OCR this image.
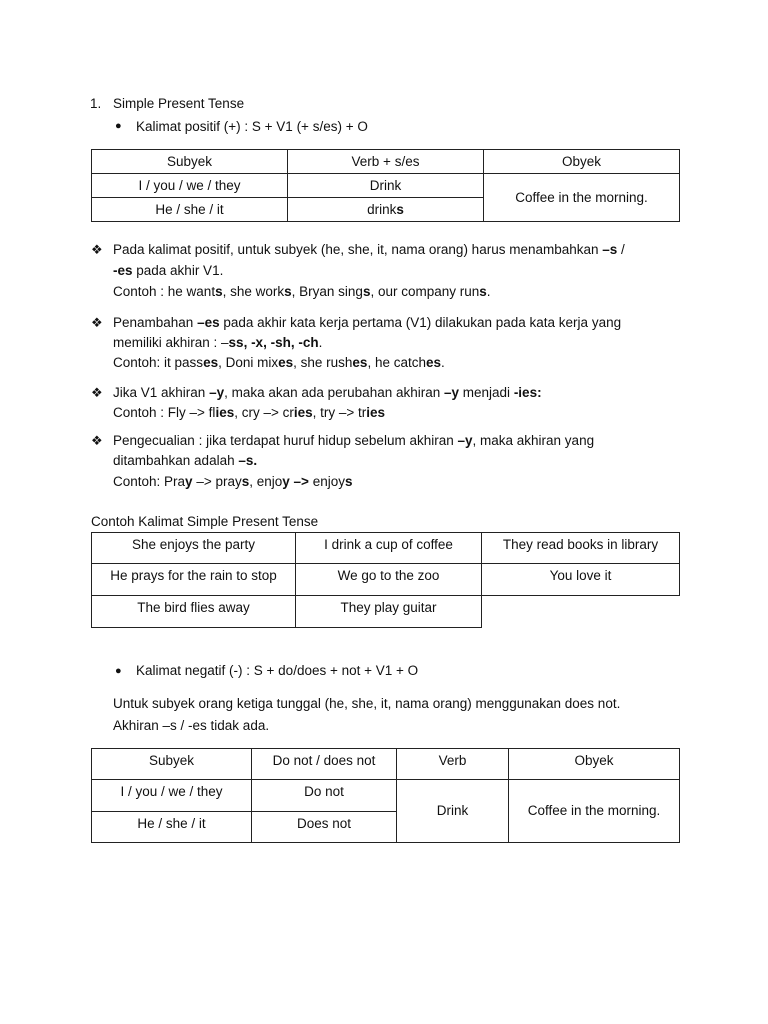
1. Simple Present Tense
● Kalimat positif (+) : S + V1 (+ s/es) + O
Subyek	Verb + s/es	Obyek
I / you / we / they	Drink	Coffee in the morning.
He / she / it	drinks	
❖ Pada kalimat positif, untuk subyek (he, she, it, nama orang) harus menambahkan –s /
-es pada akhir V1.
Contoh : he wants, she works, Bryan sings, our company runs.
❖ Penambahan –es pada akhir kata kerja pertama (V1) dilakukan pada kata kerja yang
memiliki akhiran : –ss, -x, -sh, -ch.
Contoh: it passes, Doni mixes, she rushes, he catches.
❖ Jika V1 akhiran –y, maka akan ada perubahan akhiran –y menjadi -ies:
Contoh : Fly –> flies, cry –> cries, try –> tries
❖ Pengecualian : jika terdapat huruf hidup sebelum akhiran –y, maka akhiran yang
ditambahkan adalah –s.
Contoh: Pray –> prays, enjoy –> enjoys
Contoh Kalimat Simple Present Tense
She enjoys the party	I drink a cup of coffee	They read books in library
He prays for the rain to stop	We go to the zoo	You love it
The bird flies away	They play guitar	
● Kalimat negatif (-) : S + do/does + not + V1 + O
Untuk subyek orang ketiga tunggal (he, she, it, nama orang) menggunakan does not.
Akhiran –s / -es tidak ada.
Subyek	Do not / does not	Verb	Obyek
I / you / we / they	Do not	Drink	Coffee in the morning.
He / she / it	Does not		
